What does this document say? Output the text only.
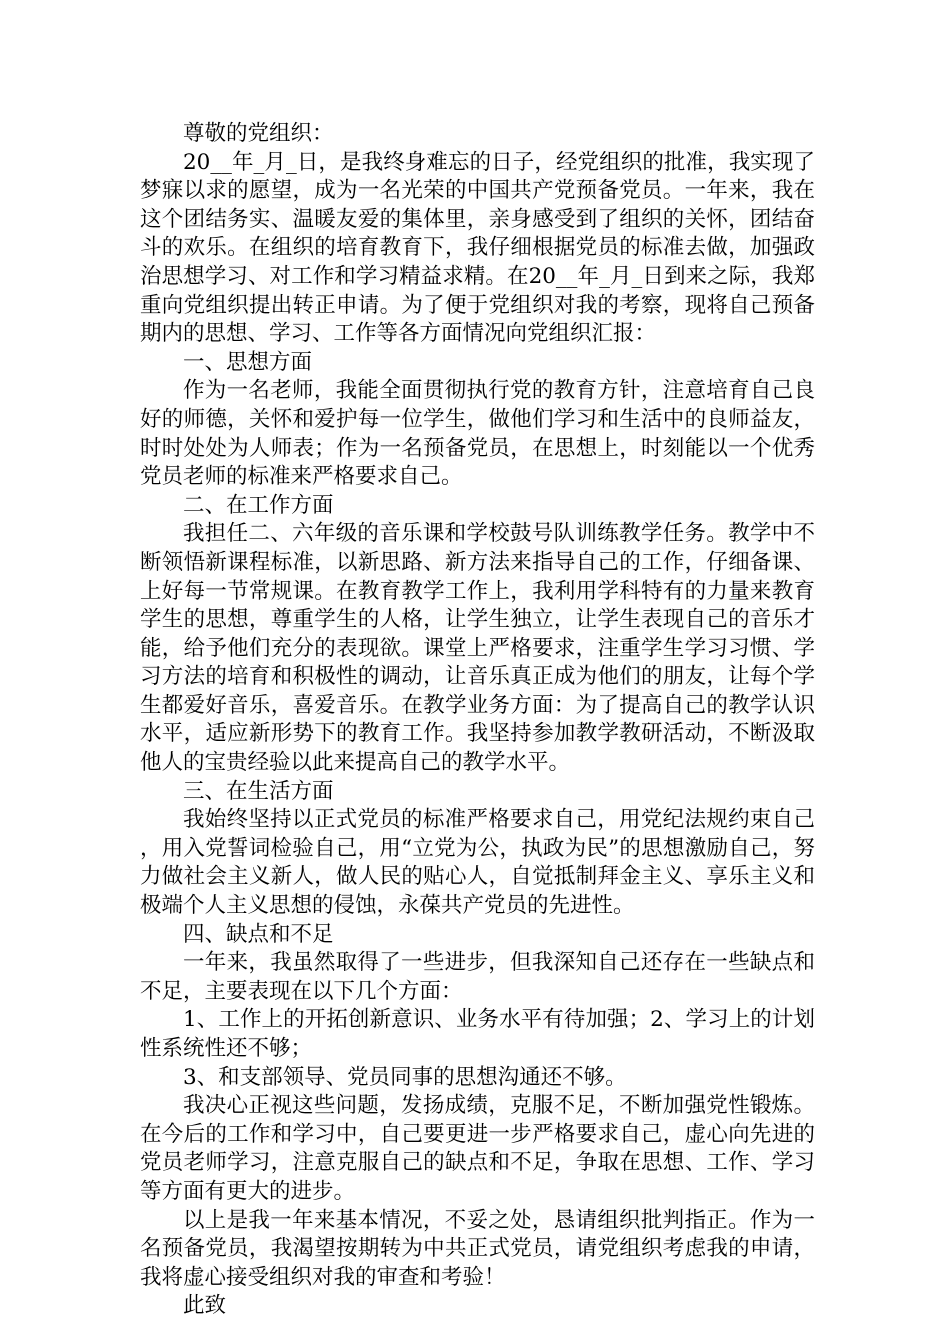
尊敬的党组织：

20__年_月_日，是我终身难忘的日子，经党组织的批准，我实现了梦寐以求的愿望，成为一名光荣的中国共产党预备党员。一年来，我在这个团结务实、温暖友爱的集体里，亲身感受到了组织的关怀，团结奋斗的欢乐。在组织的培育教育下，我仔细根据党员的标准去做，加强政治思想学习、对工作和学习精益求精。在20__年_月_日到来之际，我郑重向党组织提出转正申请。为了便于党组织对我的考察，现将自己预备期内的思想、学习、工作等各方面情况向党组织汇报：

一、思想方面

作为一名老师，我能全面贯彻执行党的教育方针，注意培育自己良好的师德，关怀和爱护每一位学生，做他们学习和生活中的良师益友，时时处处为人师表；作为一名预备党员，在思想上，时刻能以一个优秀党员老师的标准来严格要求自己。

二、在工作方面

我担任二、六年级的音乐课和学校鼓号队训练教学任务。教学中不断领悟新课程标准，以新思路、新方法来指导自己的工作，仔细备课、上好每一节常规课。在教育教学工作上，我利用学科特有的力量来教育学生的思想，尊重学生的人格，让学生独立，让学生表现自己的音乐才能，给予他们充分的表现欲。课堂上严格要求，注重学生学习习惯、学习方法的培育和积极性的调动，让音乐真正成为他们的朋友，让每个学生都爱好音乐，喜爱音乐。在教学业务方面：为了提高自己的教学认识水平，适应新形势下的教育工作。我坚持参加教学教研活动，不断汲取他人的宝贵经验以此来提高自己的教学水平。

三、在生活方面

我始终坚持以正式党员的标准严格要求自己，用党纪法规约束自己，用入党誓词检验自己，用“立党为公，执政为民”的思想激励自己，努力做社会主义新人，做人民的贴心人，自觉抵制拜金主义、享乐主义和极端个人主义思想的侵蚀，永葆共产党员的先进性。

四、缺点和不足

一年来，我虽然取得了一些进步，但我深知自己还存在一些缺点和不足，主要表现在以下几个方面：

1、工作上的开拓创新意识、业务水平有待加强；2、学习上的计划性系统性还不够；

3、和支部领导、党员同事的思想沟通还不够。

我决心正视这些问题，发扬成绩，克服不足，不断加强党性锻炼。在今后的工作和学习中，自己要更进一步严格要求自己，虚心向先进的党员老师学习，注意克服自己的缺点和不足，争取在思想、工作、学习等方面有更大的进步。

以上是我一年来基本情况，不妥之处，恳请组织批判指正。作为一名预备党员，我渴望按期转为中共正式党员，请党组织考虑我的申请，我将虚心接受组织对我的审查和考验！

此致
